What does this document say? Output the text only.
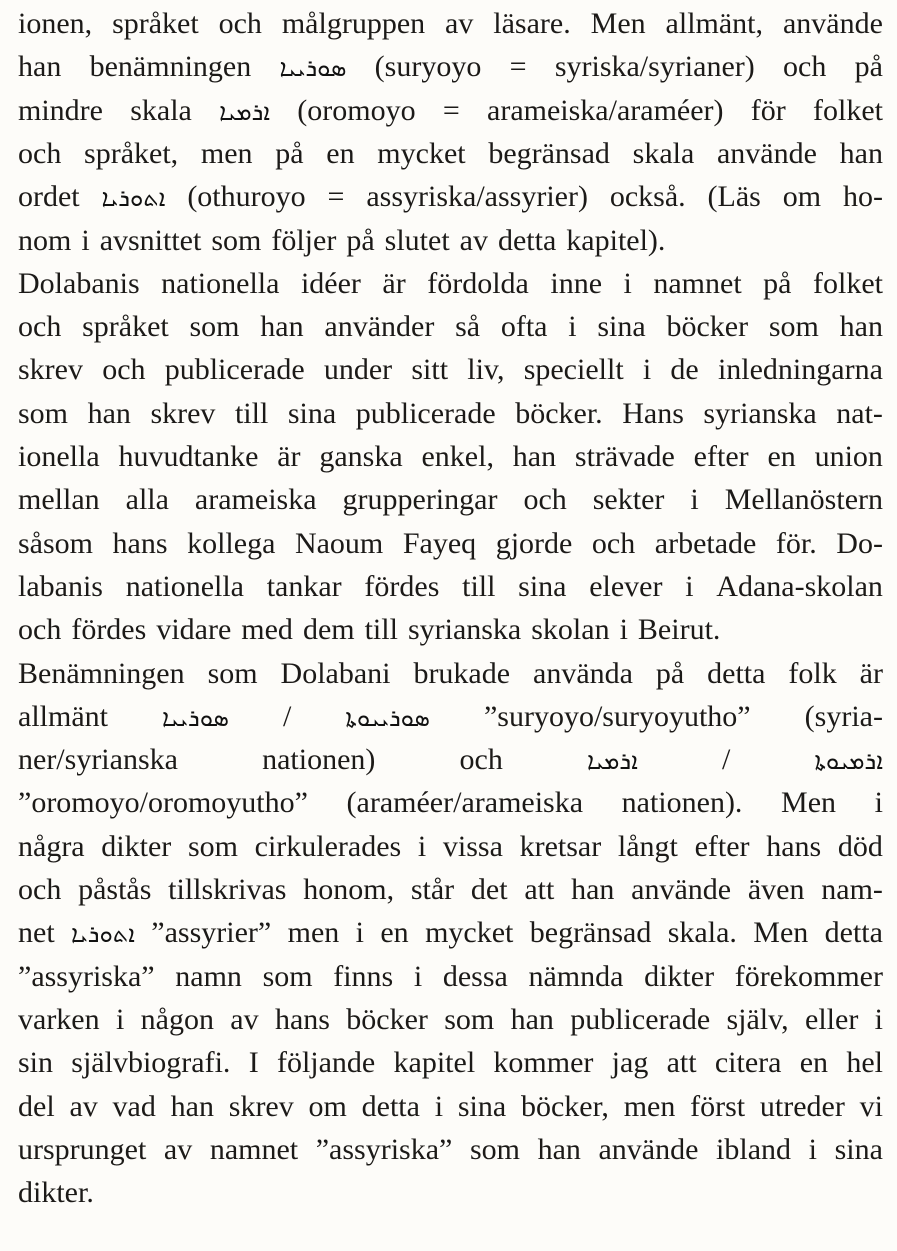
ionen, språket och målgruppen av läsare. Men allmänt, använde
han benämningen ܣܘܪܝܝܐ (suryoyo = syriska/syrianer) och på
mindre skala ܐܪܡܝܐ (oromoyo = arameiska/araméer) för folket
och språket, men på en mycket begränsad skala använde han
ordet ܐܬܘܪܝܐ (othuroyo = assyriska/assyrier) också. (Läs om ho-
nom i avsnittet som följer på slutet av detta kapitel).
Dolabanis nationella idéer är fördolda inne i namnet på folket
och språket som han använder så ofta i sina böcker som han
skrev och publicerade under sitt liv, speciellt i de inledningarna
som han skrev till sina publicerade böcker. Hans syrianska nat-
ionella huvudtanke är ganska enkel, han strävade efter en union
mellan alla arameiska grupperingar och sekter i Mellanöstern
såsom hans kollega Naoum Fayeq gjorde och arbetade för. Do-
labanis nationella tankar fördes till sina elever i Adana-skolan
och fördes vidare med dem till syrianska skolan i Beirut.
Benämningen som Dolabani brukade använda på detta folk är
allmänt ܣܘܪܝܝܐ / ܣܘܪܝܝܘܬܐ ”suryoyo/suryoyutho” (syria-
ner/syrianska	nationen)	och	ܐܪܡܝܐ	/	ܐܪܡܝܘܬܐ
”oromoyo/oromoyutho” (araméer/arameiska nationen). Men i
några dikter som cirkulerades i vissa kretsar långt efter hans död
och påstås tillskrivas honom, står det att han använde även nam-
net ܐܬܘܪܝܐ ”assyrier” men i en mycket begränsad skala. Men detta
”assyriska” namn som finns i dessa nämnda dikter förekommer
varken i någon av hans böcker som han publicerade själv, eller i
sin självbiografi. I följande kapitel kommer jag att citera en hel
del av vad han skrev om detta i sina böcker, men först utreder vi
ursprunget av namnet ”assyriska” som han använde ibland i sina
dikter.
